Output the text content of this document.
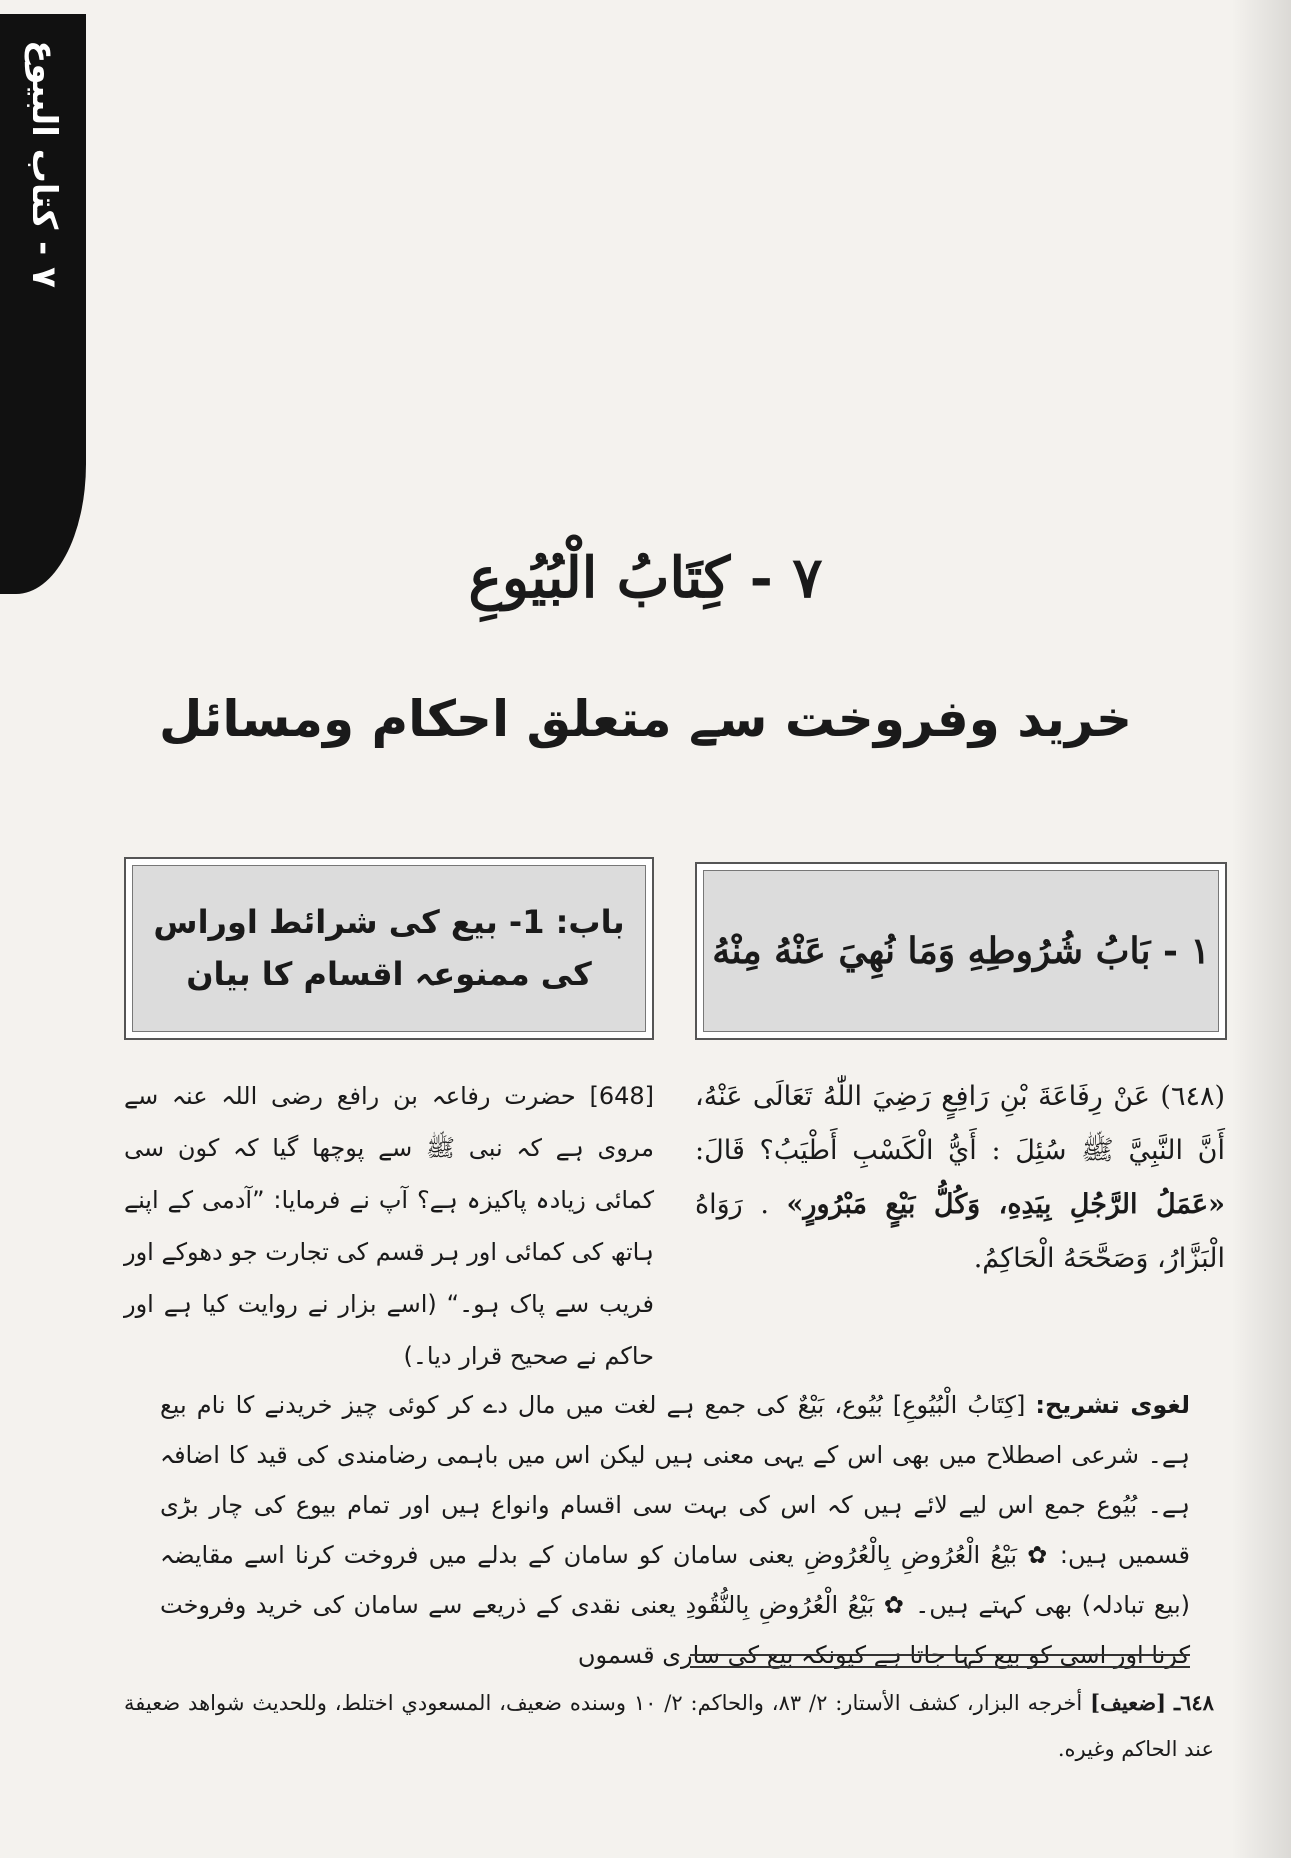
٧ - كتاب البيوع
٧ - كِتَابُ الْبُيُوعِ
خرید وفروخت سے متعلق احکام ومسائل
١ - بَابُ شُرُوطِهِ وَمَا نُهِيَ عَنْهُ مِنْهُ
باب: 1- بیع کی شرائط اوراس کی ممنوعہ اقسام کا بیان
(٦٤٨) عَنْ رِفَاعَةَ بْنِ رَافِعٍ رَضِيَ اللّٰهُ تَعَالَى عَنْهُ، أَنَّ النَّبِيَّ ﷺ سُئِلَ : أَيُّ الْكَسْبِ أَطْيَبُ؟ قَالَ: «عَمَلُ الرَّجُلِ بِيَدِهِ، وَكُلُّ بَيْعٍ مَبْرُورٍ» . رَوَاهُ الْبَزَّارُ، وَصَحَّحَهُ الْحَاكِمُ.
[648] حضرت رفاعہ بن رافع رضی اللہ عنہ سے مروی ہے کہ نبی ﷺ سے پوچھا گیا کہ کون سی کمائی زیادہ پاکیزہ ہے؟ آپ نے فرمایا: ”آدمی کے اپنے ہاتھ کی کمائی اور ہر قسم کی تجارت جو دھوکے اور فریب سے پاک ہو۔“ (اسے بزار نے روایت کیا ہے اور حاکم نے صحیح قرار دیا۔)
لغوی تشریح: [كِتَابُ الْبُيُوعِ] بُيُوع، بَيْعٌ کی جمع ہے لغت میں مال دے کر کوئی چیز خریدنے کا نام بیع ہے۔ شرعی اصطلاح میں بھی اس کے یہی معنی ہیں لیکن اس میں باہمی رضامندی کی قید کا اضافہ ہے۔ بُيُوع جمع اس لیے لائے ہیں کہ اس کی بہت سی اقسام وانواع ہیں اور تمام بیوع کی چار بڑی قسمیں ہیں: ✿ بَيْعُ الْعُرُوضِ بِالْعُرُوضِ یعنی سامان کو سامان کے بدلے میں فروخت کرنا اسے مقایضہ (بیع تبادلہ) بھی کہتے ہیں۔ ✿ بَيْعُ الْعُرُوضِ بِالنُّقُودِ یعنی نقدی کے ذریعے سے سامان کی خرید وفروخت کرنا اور اسی کو بیع کہا جاتا ہے کیونکہ بیع کی ساری قسموں
٦٤٨ـ [ضعيف] أخرجه البزار، كشف الأستار: ٢/ ٨٣، والحاكم: ٢/ ١٠ وسنده ضعيف، المسعودي اختلط، وللحديث شواهد ضعيفة عند الحاكم وغيره.
